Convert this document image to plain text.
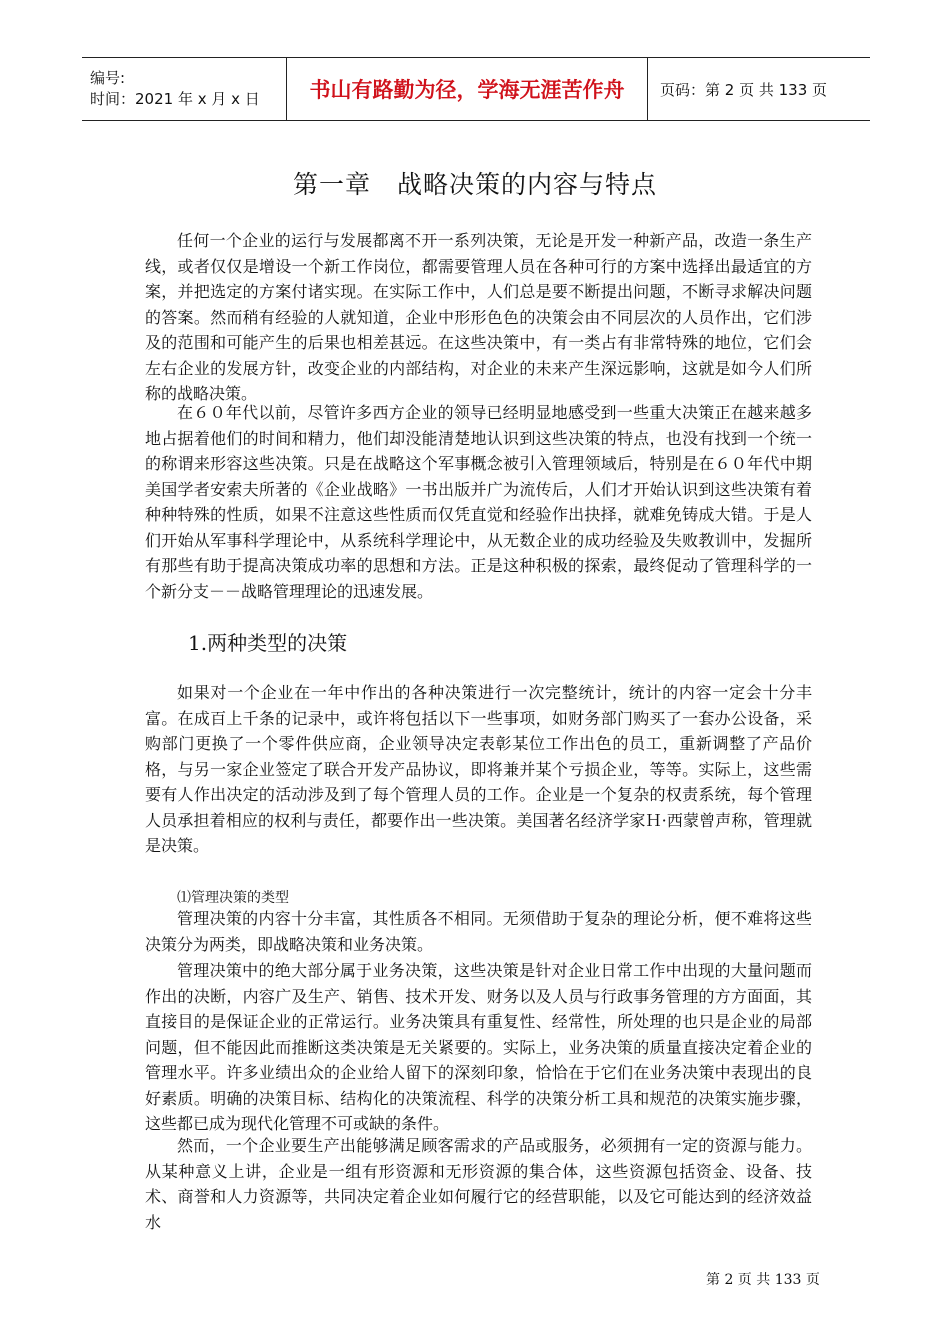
编号:
时间：2021 年 x 月 x 日	书山有路勤为径，学海无涯苦作舟 页码：第 2 页 共 133 页
第一章　战略决策的内容与特点

任何一个企业的运行与发展都离不开一系列决策，无论是开发一种新产品，改造一条生产线，或者仅仅是增设一个新工作岗位，都需要管理人员在各种可行的方案中选择出最适宜的方案，并把选定的方案付诸实现。在实际工作中，人们总是要不断提出问题，不断寻求解决问题的答案。然而稍有经验的人就知道，企业中形形色色的决策会由不同层次的人员作出，它们涉及的范围和可能产生的后果也相差甚远。在这些决策中，有一类占有非常特殊的地位，它们会左右企业的发展方针，改变企业的内部结构，对企业的未来产生深远影响，这就是如今人们所称的战略决策。

在６０年代以前，尽管许多西方企业的领导已经明显地感受到一些重大决策正在越来越多地占据着他们的时间和精力，他们却没能清楚地认识到这些决策的特点，也没有找到一个统一的称谓来形容这些决策。只是在战略这个军事概念被引入管理领域后，特别是在６０年代中期美国学者安索夫所著的《企业战略》一书出版并广为流传后，人们才开始认识到这些决策有着种种特殊的性质，如果不注意这些性质而仅凭直觉和经验作出抉择，就难免铸成大错。于是人们开始从军事科学理论中，从系统科学理论中，从无数企业的成功经验及失败教训中，发掘所有那些有助于提高决策成功率的思想和方法。正是这种积极的探索，最终促动了管理科学的一个新分支－－战略管理理论的迅速发展。

1.两种类型的决策

如果对一个企业在一年中作出的各种决策进行一次完整统计，统计的内容一定会十分丰富。在成百上千条的记录中，或许将包括以下一些事项，如财务部门购买了一套办公设备，采购部门更换了一个零件供应商，企业领导决定表彰某位工作出色的员工，重新调整了产品价格，与另一家企业签定了联合开发产品协议，即将兼并某个亏损企业，等等。实际上，这些需要有人作出决定的活动涉及到了每个管理人员的工作。企业是一个复杂的权责系统，每个管理人员承担着相应的权利与责任，都要作出一些决策。美国著名经济学家Ｈ·西蒙曾声称，管理就是决策。

⑴管理决策的类型

管理决策的内容十分丰富，其性质各不相同。无须借助于复杂的理论分析，便不难将这些决策分为两类，即战略决策和业务决策。

管理决策中的绝大部分属于业务决策，这些决策是针对企业日常工作中出现的大量问题而作出的决断，内容广及生产、销售、技术开发、财务以及人员与行政事务管理的方方面面，其直接目的是保证企业的正常运行。业务决策具有重复性、经常性，所处理的也只是企业的局部问题，但不能因此而推断这类决策是无关紧要的。实际上，业务决策的质量直接决定着企业的管理水平。许多业绩出众的企业给人留下的深刻印象，恰恰在于它们在业务决策中表现出的良好素质。明确的决策目标、结构化的决策流程、科学的决策分析工具和规范的决策实施步骤，这些都已成为现代化管理不可或缺的条件。

然而，一个企业要生产出能够满足顾客需求的产品或服务，必须拥有一定的资源与能力。从某种意义上讲，企业是一组有形资源和无形资源的集合体，这些资源包括资金、设备、技术、商誉和人力资源等，共同决定着企业如何履行它的经营职能，以及它可能达到的经济效益水

第 2 页 共 133 页
